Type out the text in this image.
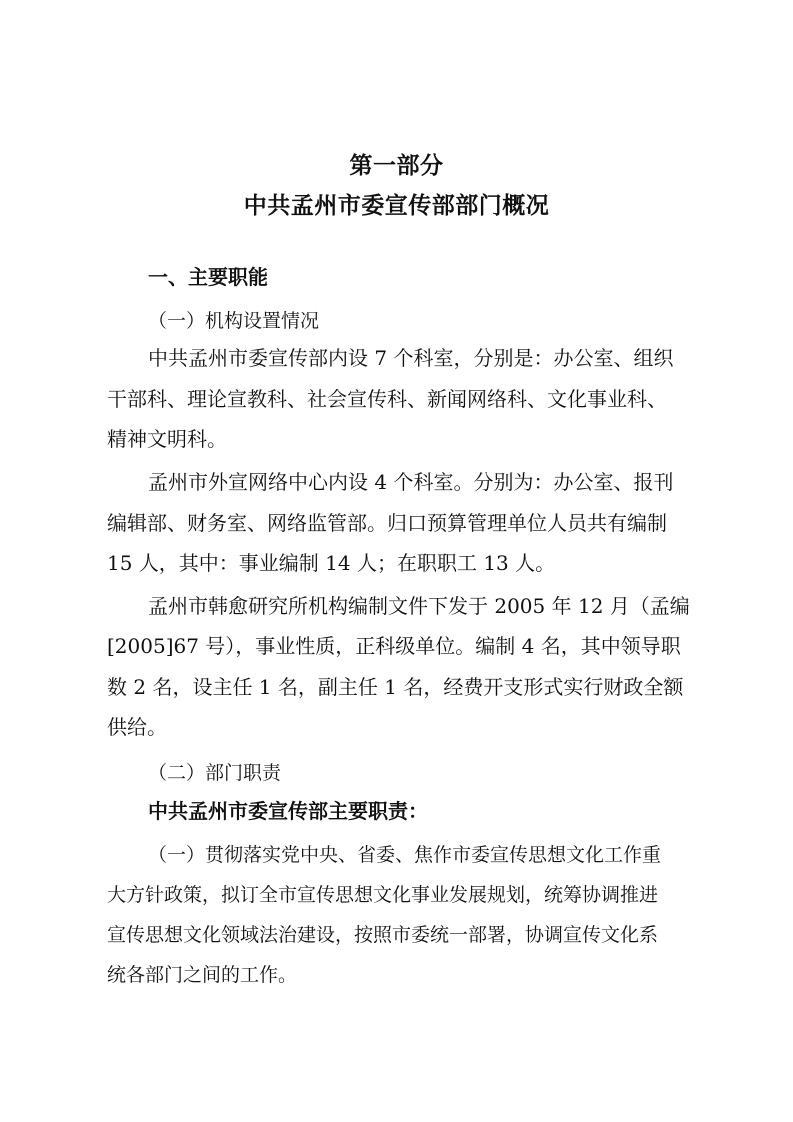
第一部分
中共孟州市委宣传部部门概况
一、主要职能
（一）机构设置情况
中共孟州市委宣传部内设 7 个科室，分别是：办公室、组织
干部科、理论宣教科、社会宣传科、新闻网络科、文化事业科、
精神文明科。
孟州市外宣网络中心内设 4 个科室。分别为：办公室、报刊
编辑部、财务室、网络监管部。归口预算管理单位人员共有编制
15 人，其中：事业编制 14 人；在职职工 13 人。
孟州市韩愈研究所机构编制文件下发于 2005 年 12 月（孟编
[2005]67 号），事业性质，正科级单位。编制 4 名，其中领导职
数 2 名，设主任 1 名，副主任 1 名，经费开支形式实行财政全额
供给。
（二）部门职责
中共孟州市委宣传部主要职责：
（一）贯彻落实党中央、省委、焦作市委宣传思想文化工作重
大方针政策，拟订全市宣传思想文化事业发展规划，统筹协调推进
宣传思想文化领域法治建设，按照市委统一部署，协调宣传文化系
统各部门之间的工作。
